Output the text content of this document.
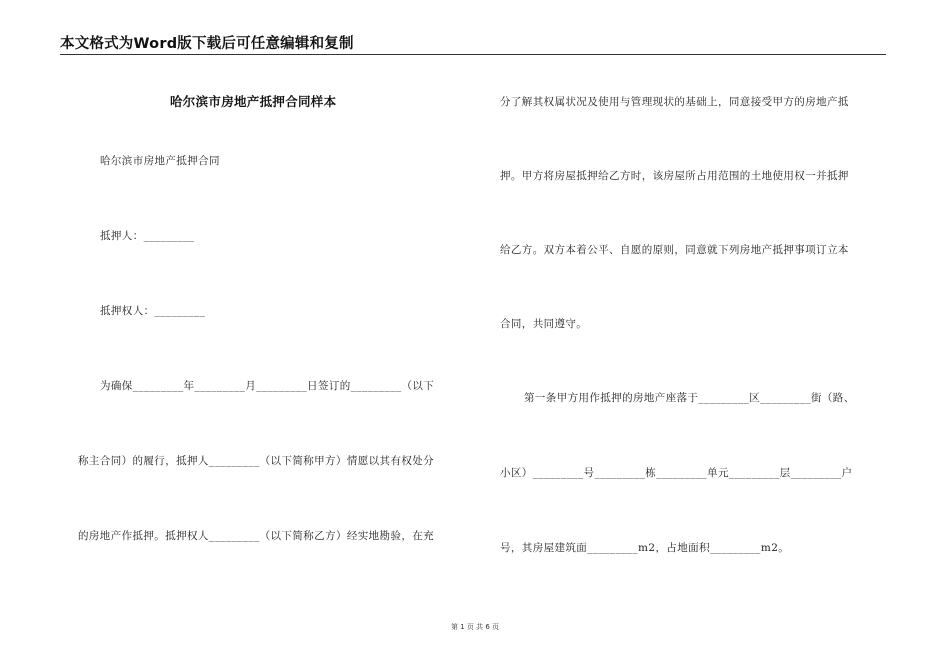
本文格式为Word版下载后可任意编辑和复制
哈尔滨市房地产抵押合同样本
哈尔滨市房地产抵押合同
抵押人：_________
抵押权人：_________
为确保_________年_________月_________日签订的_________（以下
称主合同）的履行，抵押人_________（以下简称甲方）情愿以其有权处分
的房地产作抵押。抵押权人_________（以下简称乙方）经实地勘验，在充
分了解其权属状况及使用与管理现状的基础上，同意接受甲方的房地产抵
押。甲方将房屋抵押给乙方时，该房屋所占用范围的土地使用权一并抵押
给乙方。双方本着公平、自愿的原则，同意就下列房地产抵押事项订立本
合同，共同遵守。
第一条甲方用作抵押的房地产座落于_________区_________街（路、
小区）_________号_________栋_________单元_________层_________户
号，其房屋建筑面_________m2，占地面积_________m2。
第 1 页 共 6 页
